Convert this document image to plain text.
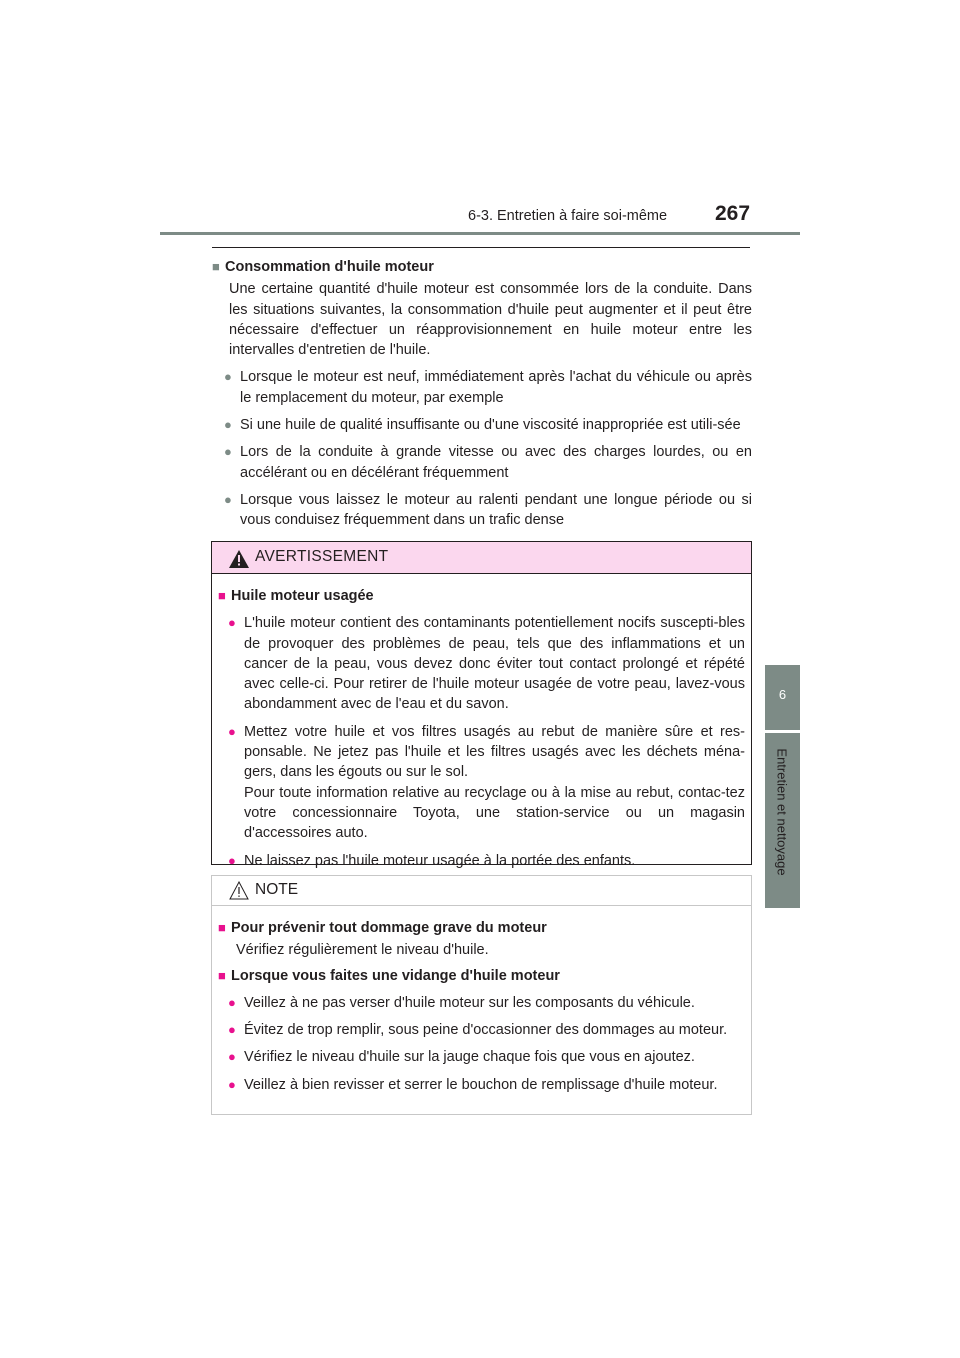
6-3. Entretien à faire soi-même 267
6
Entretien et nettoyage
■ Consommation d'huile moteur
Une certaine quantité d'huile moteur est consommée lors de la conduite. Dans les situations suivantes, la consommation d'huile peut augmenter et il peut être nécessaire d'effectuer un réapprovisionnement en huile moteur entre les intervalles d'entretien de l'huile.
● Lorsque le moteur est neuf, immédiatement après l'achat du véhicule ou après le remplacement du moteur, par exemple
● Si une huile de qualité insuffisante ou d'une viscosité inappropriée est utili-sée
● Lors de la conduite à grande vitesse ou avec des charges lourdes, ou en accélérant ou en décélérant fréquemment
● Lorsque vous laissez le moteur au ralenti pendant une longue période ou si vous conduisez fréquemment dans un trafic dense
AVERTISSEMENT
■ Huile moteur usagée
● L'huile moteur contient des contaminants potentiellement nocifs suscepti-bles de provoquer des problèmes de peau, tels que des inflammations et un cancer de la peau, vous devez donc éviter tout contact prolongé et répété avec celle-ci. Pour retirer de l'huile moteur usagée de votre peau, lavez-vous abondamment avec de l'eau et du savon.
● Mettez votre huile et vos filtres usagés au rebut de manière sûre et res-ponsable. Ne jetez pas l'huile et les filtres usagés avec les déchets ména-gers, dans les égouts ou sur le sol.
Pour toute information relative au recyclage ou à la mise au rebut, contac-tez votre concessionnaire Toyota, une station-service ou un magasin d'accessoires auto.
● Ne laissez pas l'huile moteur usagée à la portée des enfants.
NOTE
■ Pour prévenir tout dommage grave du moteur
Vérifiez régulièrement le niveau d'huile.
■ Lorsque vous faites une vidange d'huile moteur
● Veillez à ne pas verser d'huile moteur sur les composants du véhicule.
● Évitez de trop remplir, sous peine d'occasionner des dommages au moteur.
● Vérifiez le niveau d'huile sur la jauge chaque fois que vous en ajoutez.
● Veillez à bien revisser et serrer le bouchon de remplissage d'huile moteur.
